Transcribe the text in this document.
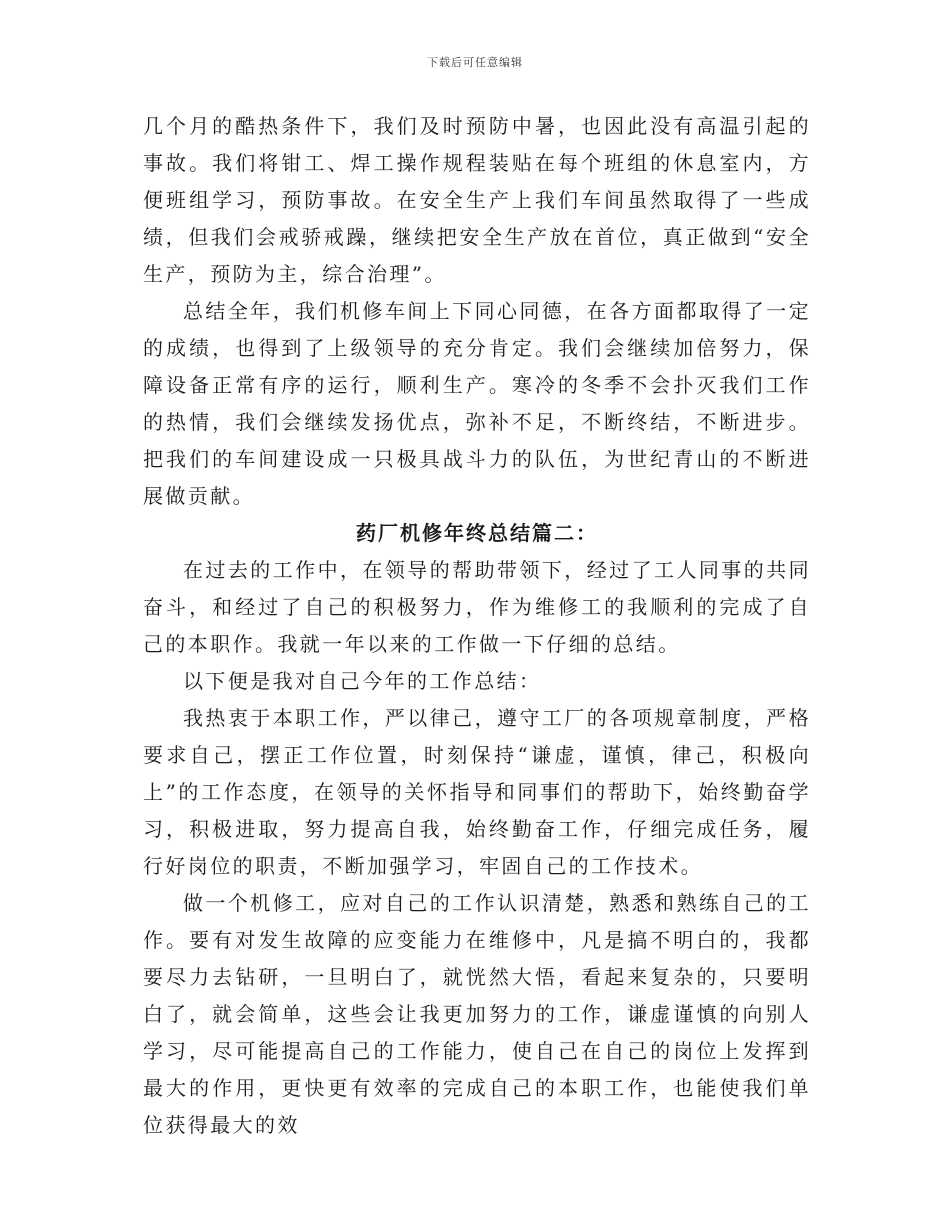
下载后可任意编辑

几个月的酷热条件下，我们及时预防中暑，也因此没有高温引起的事故。我们将钳工、焊工操作规程装贴在每个班组的休息室内，方便班组学习，预防事故。在安全生产上我们车间虽然取得了一些成绩，但我们会戒骄戒躁，继续把安全生产放在首位，真正做到“安全生产，预防为主，综合治理”。

总结全年，我们机修车间上下同心同德，在各方面都取得了一定的成绩，也得到了上级领导的充分肯定。我们会继续加倍努力，保障设备正常有序的运行，顺利生产。寒冷的冬季不会扑灭我们工作的热情，我们会继续发扬优点，弥补不足，不断终结，不断进步。把我们的车间建设成一只极具战斗力的队伍，为世纪青山的不断进展做贡献。

药厂机修年终总结篇二：

在过去的工作中，在领导的帮助带领下，经过了工人同事的共同奋斗，和经过了自己的积极努力，作为维修工的我顺利的完成了自己的本职作。我就一年以来的工作做一下仔细的总结。

以下便是我对自己今年的工作总结：

我热衷于本职工作，严以律己，遵守工厂的各项规章制度，严格要求自己，摆正工作位置，时刻保持“谦虚，谨慎，律己，积极向上”的工作态度，在领导的关怀指导和同事们的帮助下，始终勤奋学习，积极进取，努力提高自我，始终勤奋工作，仔细完成任务，履行好岗位的职责，不断加强学习，牢固自己的工作技术。

做一个机修工，应对自己的工作认识清楚，熟悉和熟练自己的工作。要有对发生故障的应变能力在维修中，凡是搞不明白的，我都要尽力去钻研，一旦明白了，就恍然大悟，看起来复杂的，只要明白了，就会简单，这些会让我更加努力的工作，谦虚谨慎的向别人学习，尽可能提高自己的工作能力，使自己在自己的岗位上发挥到最大的作用，更快更有效率的完成自己的本职工作，也能使我们单位获得最大的效
